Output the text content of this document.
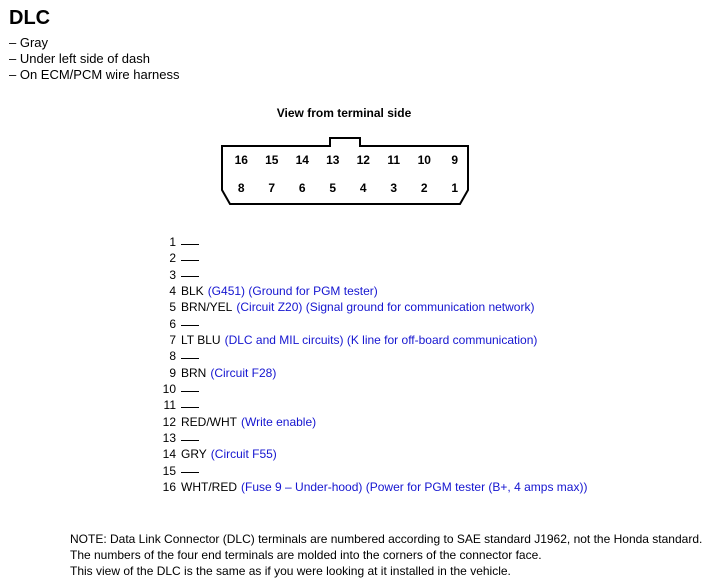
DLC
– Gray
– Under left side of dash
– On ECM/PCM wire harness
View from terminal side
16 15 14 13 12 11 10 9
8 7 6 5 4 3 2 1
1
2
3
4 BLK (G451) (Ground for PGM tester)
5 BRN/YEL (Circuit Z20) (Signal ground for communication network)
6
7 LT BLU (DLC and MIL circuits) (K line for off-board communication)
8
9 BRN (Circuit F28)
10
11
12 RED/WHT (Write enable)
13
14 GRY (Circuit F55)
15
16 WHT/RED (Fuse 9 – Under-hood) (Power for PGM tester (B+, 4 amps max))
NOTE: Data Link Connector (DLC) terminals are numbered according to SAE standard J1962, not the Honda standard.
The numbers of the four end terminals are molded into the corners of the connector face.
This view of the DLC is the same as if you were looking at it installed in the vehicle.
